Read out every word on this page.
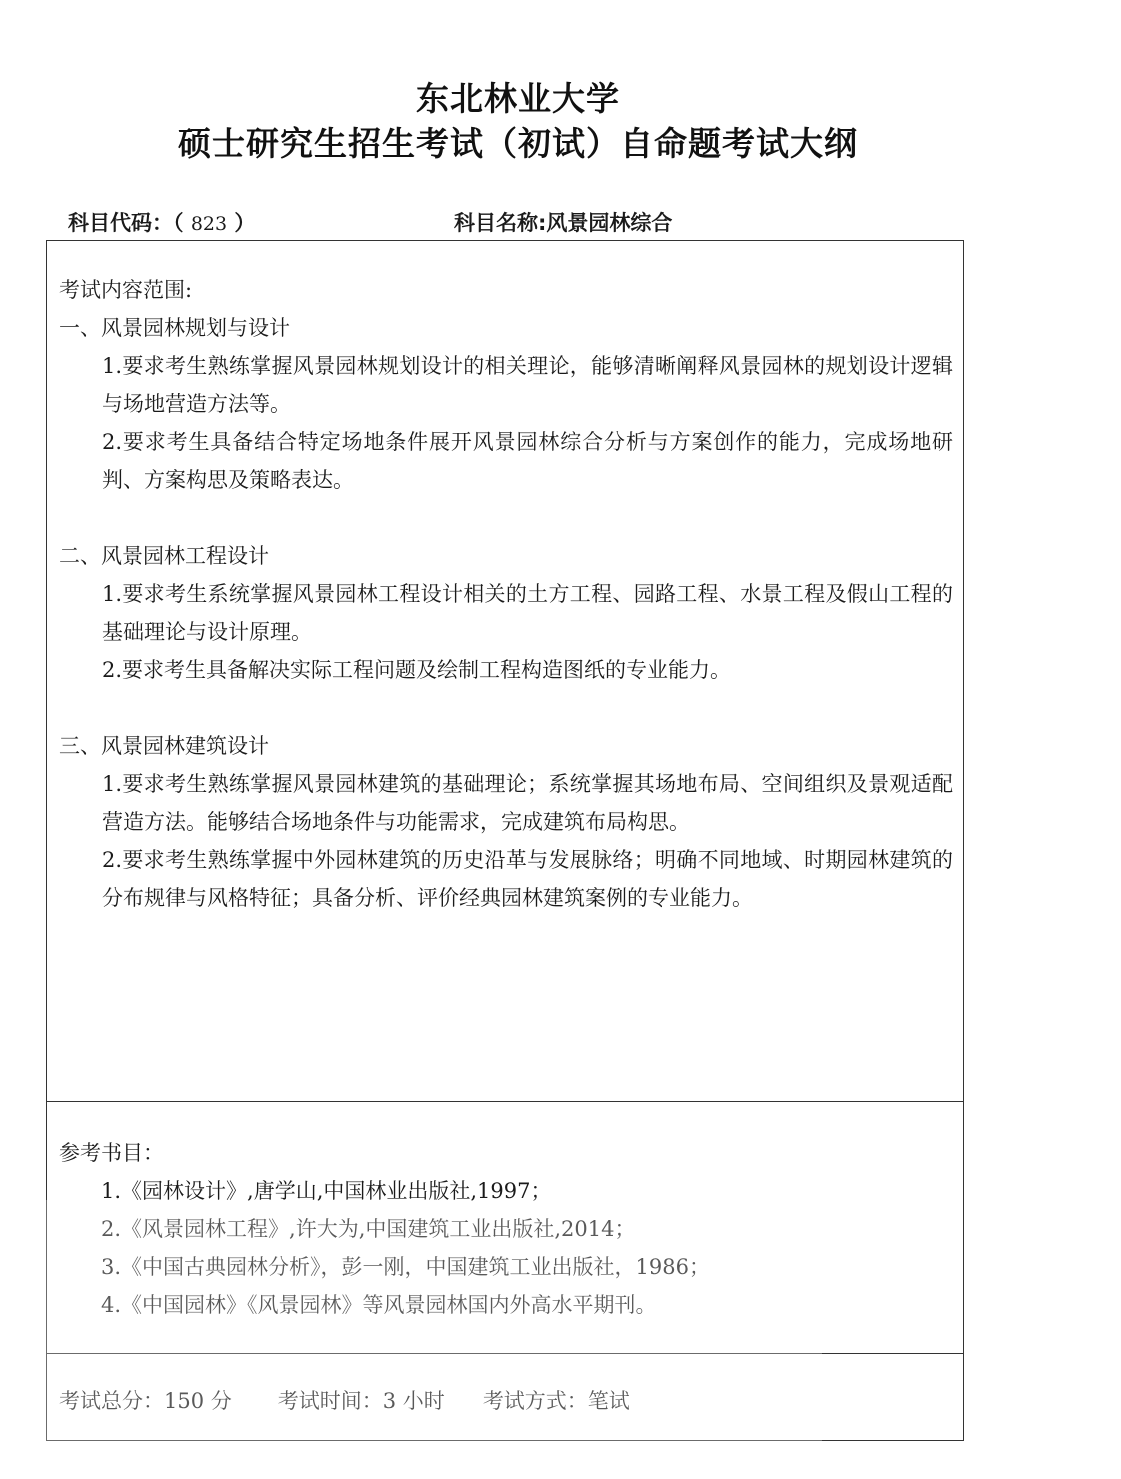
东北林业大学
硕士研究生招生考试（初试）自命题考试大纲
科目代码：（ 823 ）	科目名称:风景园林综合
考试内容范围:
一、风景园林规划与设计
1.要求考生熟练掌握风景园林规划设计的相关理论，能够清晰阐释风景园林的规划设计逻辑与场地营造方法等。
2.要求考生具备结合特定场地条件展开风景园林综合分析与方案创作的能力，完成场地研判、方案构思及策略表达。
二、风景园林工程设计
1.要求考生系统掌握风景园林工程设计相关的土方工程、园路工程、水景工程及假山工程的基础理论与设计原理。
2.要求考生具备解决实际工程问题及绘制工程构造图纸的专业能力。
三、风景园林建筑设计
1.要求考生熟练掌握风景园林建筑的基础理论；系统掌握其场地布局、空间组织及景观适配营造方法。能够结合场地条件与功能需求，完成建筑布局构思。
2.要求考生熟练掌握中外园林建筑的历史沿革与发展脉络；明确不同地域、时期园林建筑的分布规律与风格特征；具备分析、评价经典园林建筑案例的专业能力。
参考书目：
1.《园林设计》,唐学山,中国林业出版社,1997；
2.《风景园林工程》,许大为,中国建筑工业出版社,2014；
3.《中国古典园林分析》，彭一刚，中国建筑工业出版社，1986；
4.《中国园林》《风景园林》等风景园林国内外高水平期刊。
考试总分：150 分 考试时间：3 小时 考试方式：笔试
